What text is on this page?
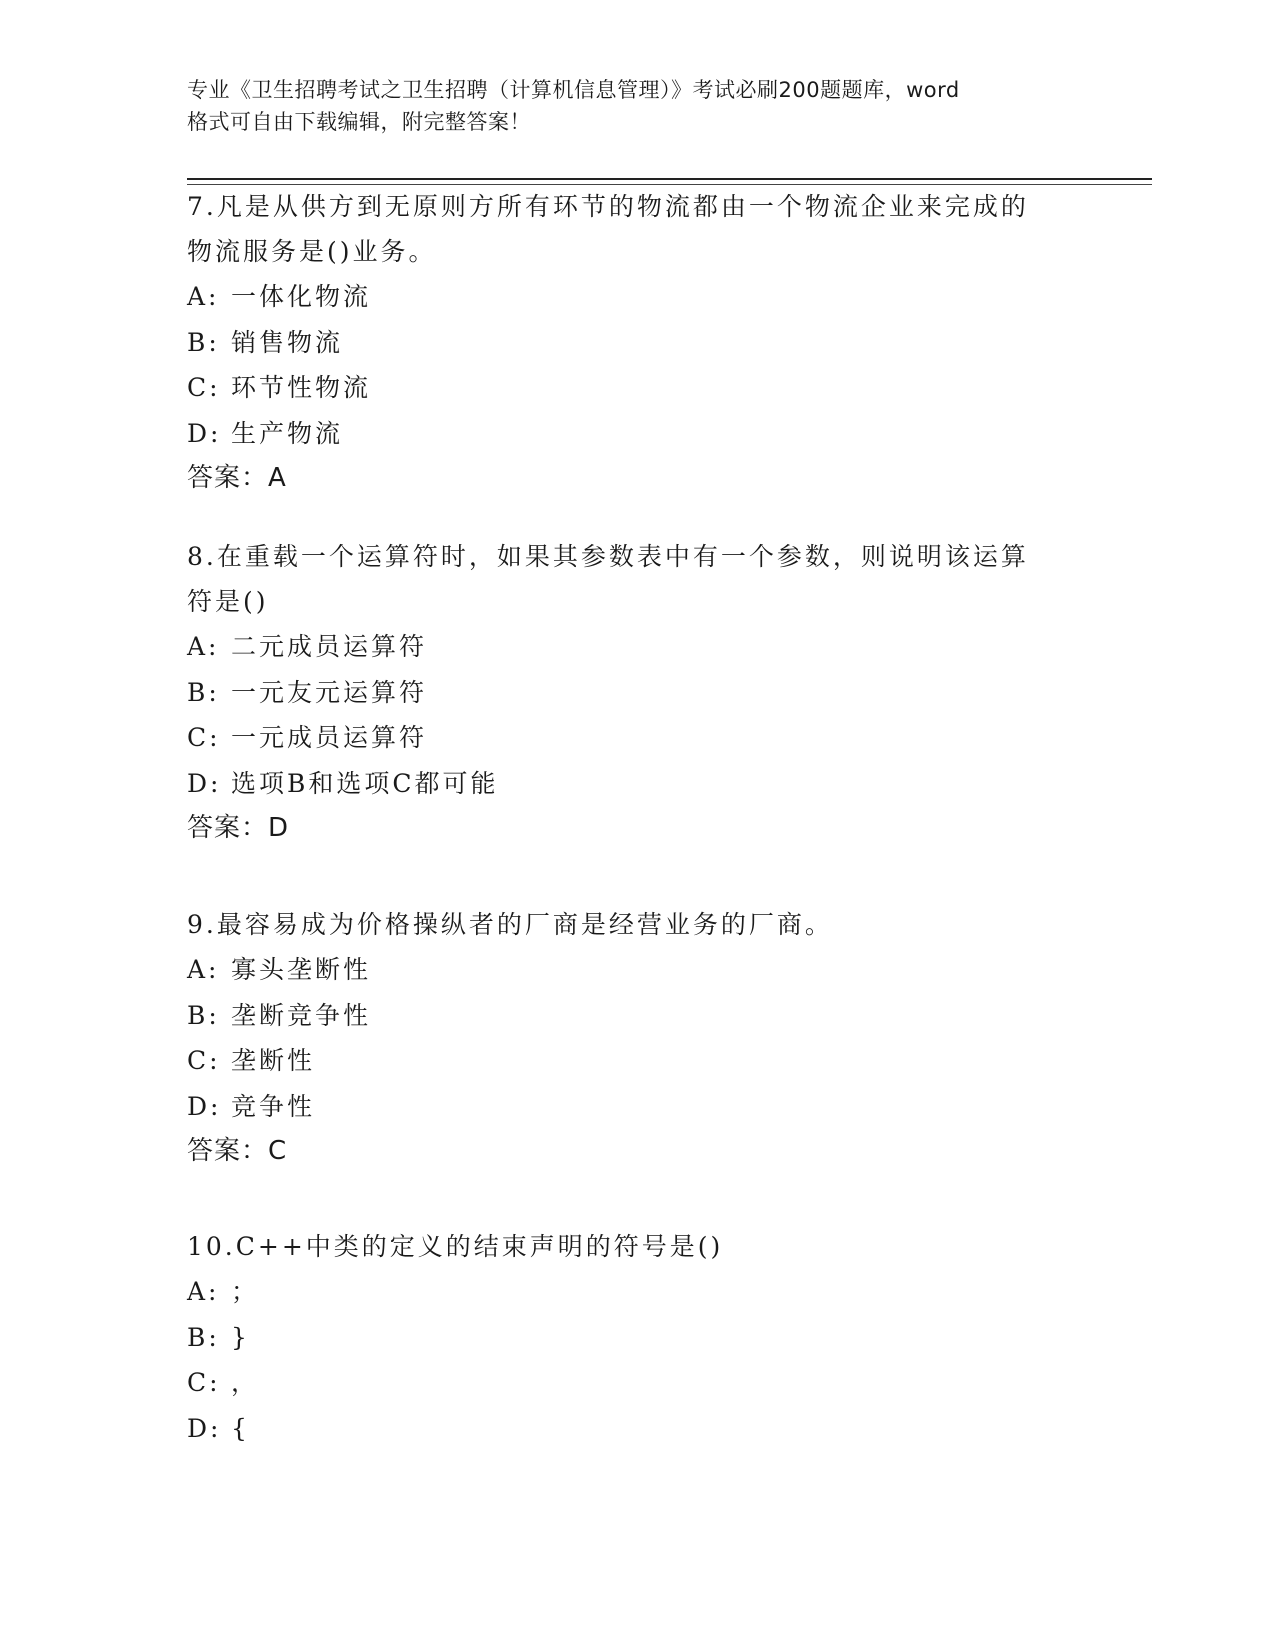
专业《卫生招聘考试之卫生招聘（计算机信息管理）》考试必刷200题题库，word
格式可自由下载编辑，附完整答案！
7.凡是从供方到无原则方所有环节的物流都由一个物流企业来完成的
物流服务是()业务。
A: 一体化物流
B: 销售物流
C: 环节性物流
D: 生产物流
答案：A
8.在重载一个运算符时，如果其参数表中有一个参数，则说明该运算
符是()
A: 二元成员运算符
B: 一元友元运算符
C: 一元成员运算符
D: 选项B和选项C都可能
答案：D
9.最容易成为价格操纵者的厂商是经营业务的厂商。
A: 寡头垄断性
B: 垄断竞争性
C: 垄断性
D: 竞争性
答案：C
10.C++中类的定义的结束声明的符号是()
A: ；
B: }
C: ，
D: {
